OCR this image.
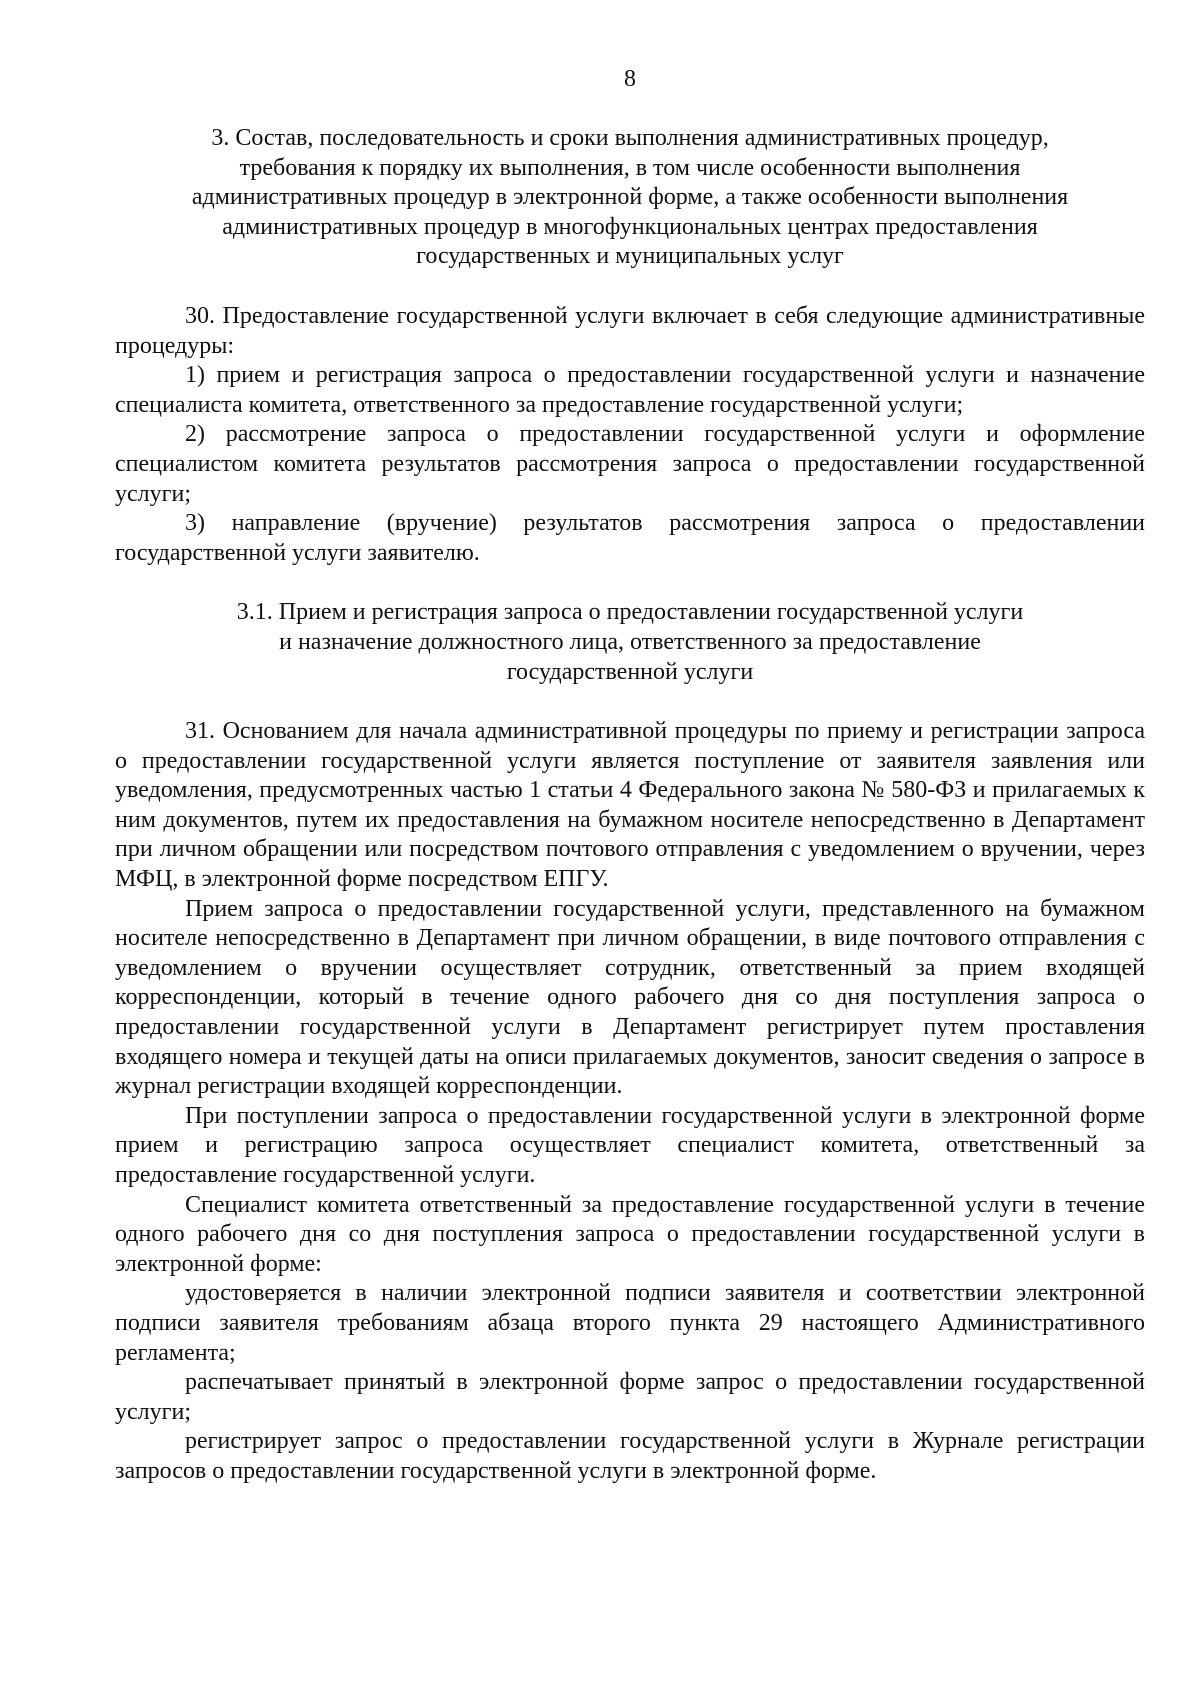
8
3. Состав, последовательность и сроки выполнения административных процедур,
требования к порядку их выполнения, в том числе особенности выполнения
административных процедур в электронной форме, а также особенности выполнения
административных процедур в многофункциональных центрах предоставления
государственных и муниципальных услуг

30. Предоставление государственной услуги включает в себя следующие административные процедуры:

1) прием и регистрация запроса о предоставлении государственной услуги и назначение специалиста комитета, ответственного за предоставление государственной услуги;

2) рассмотрение запроса о предоставлении государственной услуги и оформление специалистом комитета результатов рассмотрения запроса о предоставлении государственной услуги;

3) направление (вручение) результатов рассмотрения запроса о предоставлении государственной услуги заявителю.

3.1. Прием и регистрация запроса о предоставлении государственной услуги
и назначение должностного лица, ответственного за предоставление
государственной услуги

31. Основанием для начала административной процедуры по приему и регистрации запроса о предоставлении государственной услуги является поступление от заявителя заявления или уведомления, предусмотренных частью 1 статьи 4 Федерального закона № 580-ФЗ и прилагаемых к ним документов, путем их предоставления на бумажном носителе непосредственно в Департамент при личном обращении или посредством почтового отправления с уведомлением о вручении, через МФЦ, в электронной форме посредством ЕПГУ.

Прием запроса о предоставлении государственной услуги, представленного на бумажном носителе непосредственно в Департамент при личном обращении, в виде почтового отправления с уведомлением о вручении осуществляет сотрудник, ответственный за прием входящей корреспонденции, который в течение одного рабочего дня со дня поступления запроса о предоставлении государственной услуги в Департамент регистрирует путем проставления входящего номера и текущей даты на описи прилагаемых документов, заносит сведения о запросе в журнал регистрации входящей корреспонденции.

При поступлении запроса о предоставлении государственной услуги в электронной форме прием и регистрацию запроса осуществляет специалист комитета, ответственный за предоставление государственной услуги.

Специалист комитета ответственный за предоставление государственной услуги в течение одного рабочего дня со дня поступления запроса о предоставлении государственной услуги в электронной форме:

удостоверяется в наличии электронной подписи заявителя и соответствии электронной подписи заявителя требованиям абзаца второго пункта 29 настоящего Административного регламента;

распечатывает принятый в электронной форме запрос о предоставлении государственной услуги;

регистрирует запрос о предоставлении государственной услуги в Журнале регистрации запросов о предоставлении государственной услуги в электронной форме.
